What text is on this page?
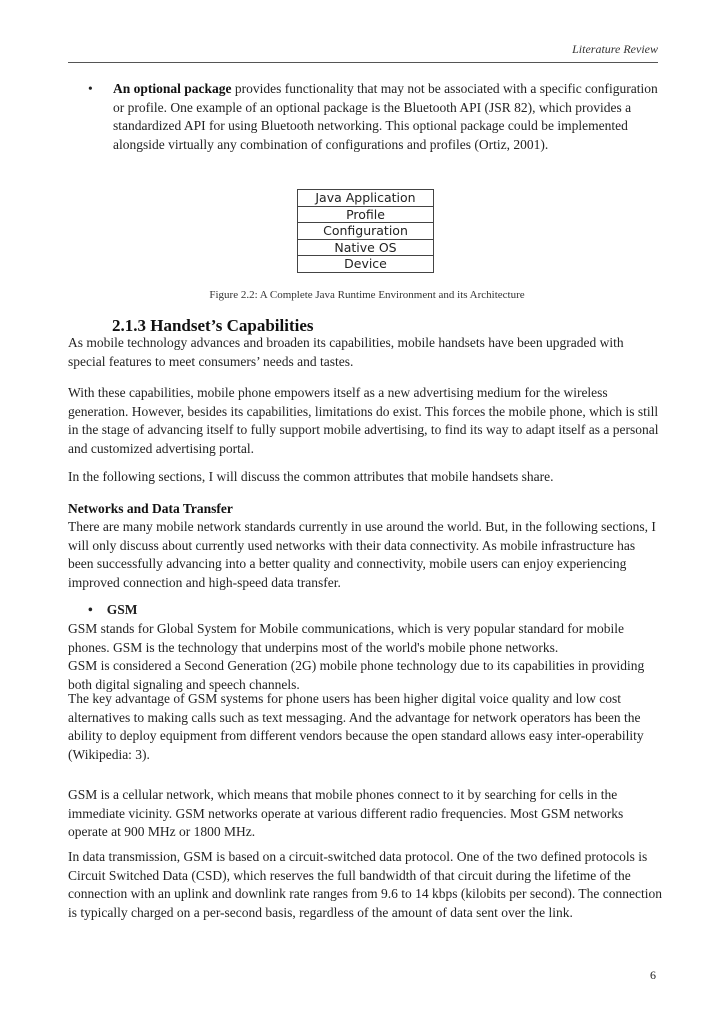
Literature Review
• An optional package provides functionality that may not be associated with a specific configuration or profile. One example of an optional package is the Bluetooth API (JSR 82), which provides a standardized API for using Bluetooth networking. This optional package could be implemented alongside virtually any combination of configurations and profiles (Ortiz, 2001).
Java Application
Profile
Configuration
Native OS
Device
Figure 2.2: A Complete Java Runtime Environment and its Architecture
2.1.3 Handset’s Capabilities

As mobile technology advances and broaden its capabilities, mobile handsets have been upgraded with special features to meet consumers’ needs and tastes.

With these capabilities, mobile phone empowers itself as a new advertising medium for the wireless generation. However, besides its capabilities, limitations do exist. This forces the mobile phone, which is still in the stage of advancing itself to fully support mobile advertising, to find its way to adapt itself as a personal and customized advertising portal.

In the following sections, I will discuss the common attributes that mobile handsets share.

Networks and Data Transfer

There are many mobile network standards currently in use around the world. But, in the following sections, I will only discuss about currently used networks with their data connectivity. As mobile infrastructure has been successfully advancing into a better quality and connectivity, mobile users can enjoy experiencing improved connection and high-speed data transfer.

• GSM

GSM stands for Global System for Mobile communications, which is very popular standard for mobile phones. GSM is the technology that underpins most of the world's mobile phone networks.

GSM is considered a Second Generation (2G) mobile phone technology due to its capabilities in providing both digital signaling and speech channels.

The key advantage of GSM systems for phone users has been higher digital voice quality and low cost alternatives to making calls such as text messaging. And the advantage for network operators has been the ability to deploy equipment from different vendors because the open standard allows easy inter-operability (Wikipedia: 3).

GSM is a cellular network, which means that mobile phones connect to it by searching for cells in the immediate vicinity. GSM networks operate at various different radio frequencies. Most GSM networks operate at 900 MHz or 1800 MHz.

In data transmission, GSM is based on a circuit-switched data protocol. One of the two defined protocols is Circuit Switched Data (CSD), which reserves the full bandwidth of that circuit during the lifetime of the connection with an uplink and downlink rate ranges from 9.6 to 14 kbps (kilobits per second). The connection is typically charged on a per-second basis, regardless of the amount of data sent over the link.

6
